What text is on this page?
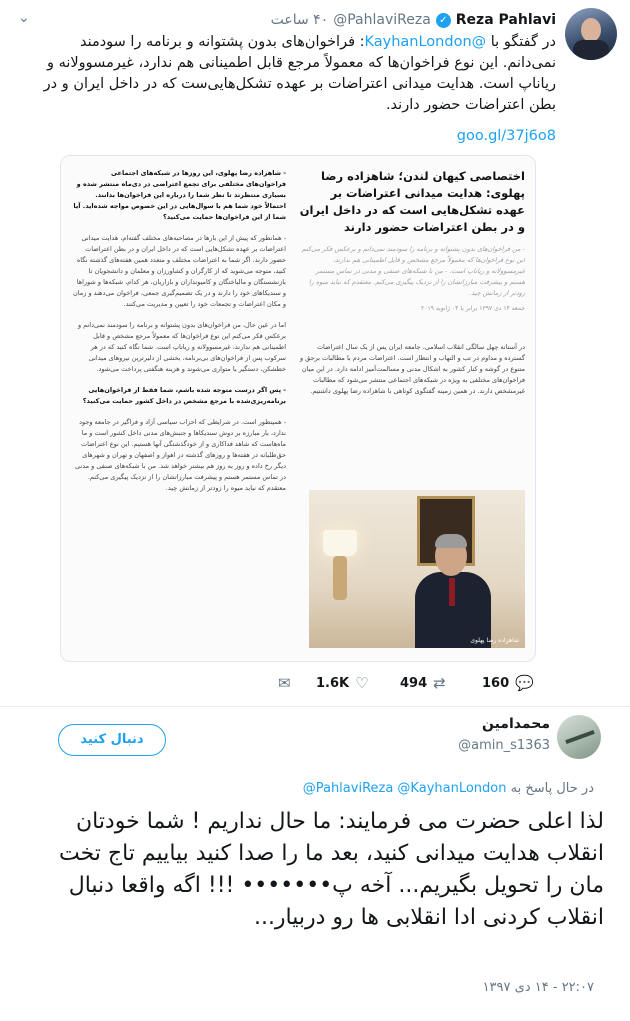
Reza Pahlavi
✓
@PahlaviReza
۴۰ ساعت
⌄
در گفتگو با @KayhanLondon: فراخوان‌های بدون پشتوانه و برنامه را سودمند نمی‌دانم. این نوع فراخوان‌ها که معمولاً مرجع قابل اطمینانی هم ندارد، غیرمسوولانه و ریاناپ است. هدایت میدانی اعتراضات بر عهده تشکل‌هایی‌ست که در داخل ایران و در بطن اعتراضات حضور دارند.
goo.gl/37j6o8
اختصاصی کیهان لندن؛ شاهزاده رضا پهلوی: هدایت میدانی اعتراضات بر عهده تشکل‌هایی است که در داخل ایران و در بطن اعتراضات حضور دارند
- من فراخوان‌های بدون پشتوانه و برنامه را سودمند نمی‌دانم و برعکس فکر می‌کنم این نوع فراخوان‌ها که معمولاً مرجع مشخص و قابل اطمینانی هم ندارند، غیرمسوولانه و ریاناپ است. - من با شبکه‌های صنفی و مدنی در تماس مستمر هستم و پیشرفت مبارزاتشان را از نزدیک پیگیری می‌کنم. معتقدم که نباید میوه را زودتر از زمانش چید.
جمعه ۱۴ دی ۱۳۹۷ برابر با ۰۴ ژانویه ۲۰۱۹
در آستانه چهل سالگی انقلاب اسلامی، جامعه ایران پس از یک سال اعتراضات گسترده و مداوم در تب و التهاب و انتظار است. اعتراضات مردم با مطالبات برحق و متنوع در گوشه و کنار کشور به اشکال مدنی و مسالمت‌آمیز ادامه دارد. در این میان فراخوان‌های مختلفی به ویژه در شبکه‌های اجتماعی منتشر می‌شود که مطالبات غیرمشخص دارند. در همین زمینه گفتگوی کوتاهی با شاهزاده رضا پهلوی داشتیم.
شاهزاده رضا پهلوی
- شاهزاده رضا پهلوی، این روزها در شبکه‌های اجتماعی فراخوان‌های مختلفی برای تجمع اعتراضی در دی‌ماه منتشر شده و بسیاری منتظرند تا نظر شما را درباره این فراخوان‌ها بدانند. احتمالاً خود شما هم با سوال‌هایی در این خصوص مواجه شده‌اید. آیا شما از این فراخوان‌ها حمایت می‌کنید؟
- همانطور که پیش از این بارها در مصاحبه‌های مختلف گفته‌ام، هدایت میدانی اعتراضات بر عهده تشکل‌هایی است که در داخل ایران و در بطن اعتراضات حضور دارند. اگر شما به اعتراضات مختلف و متعدد همین هفته‌های گذشته نگاه کنید، متوجه می‌شوید که از کارگران و کشاورزان و معلمان و دانشجویان تا بازنشستگان و مالباختگان و کامیونداران و بازاریان، هر کدام، شبکه‌ها و شوراها و سندیکاهای خود را دارند و در یک تصمیم‌گیری جمعی، فراخوان می‌دهند و زمان و مکان اعتراضات و تجمعات خود را تعیین و مدیریت می‌کنند.
اما در عین حال، من فراخوان‌های بدون پشتوانه و برنامه را سودمند نمی‌دانم و برعکس فکر می‌کنم این نوع فراخوان‌ها که معمولاً مرجع مشخص و قابل اطمینانی هم ندارند، غیرمسوولانه و ریاناپ است. شما نگاه کنید که در هر سرکوب پس از فراخوان‌های بی‌برنامه، بخشی از دلیرترین نیروهای میدانی خطشکن، دستگیر یا متواری می‌شوند و هزینه هنگفتی پرداخت می‌شود.
- پس اگر درست متوجه شده باشم، شما فقط از فراخوان‌هایی برنامه‌ریزی‌شده با مرجع مشخص در داخل کشور حمایت می‌کنید؟
- همینطور است. در شرایطی که احزاب سیاسی آزاد و فراگیر در جامعه وجود ندارد، بار مبارزه بر دوش سندیکاها و جنبش‌های مدنی داخل کشور است و ما ماه‌هاست که شاهد فداکاری و از خودگذشتگی آنها هستیم. این نوع اعتراضات حق‌طلبانه در هفته‌ها و روزهای گذشته در اهواز و اصفهان و تهران و شهرهای دیگر رخ داده و روز به روز هم بیشتر خواهد شد. من با شبکه‌های صنفی و مدنی در تماس مستمر هستم و پیشرفت مبارزاتشان را از نزدیک پیگیری می‌کنم. معتقدم که نباید میوه را زودتر از زمانش چید.
✉ 1.6K ♡ 494 ⇄	160 💬
محمدامین
@amin_s1363
دنبال کنید
در حال پاسخ به @PahlaviReza @KayhanLondon
لذا اعلی حضرت می فرمایند: ما حال نداریم ! شما خودتان انقلاب هدایت میدانی کنید، بعد ما را صدا کنید بیاییم تاج تخت مان را تحویل بگیریم... آخه پ••••••• !!! اگه واقعا دنبال انقلاب کردنی ادا انقلابی ها رو دربیار...
۲۲:۰۷ - ۱۴ دی ۱۳۹۷
